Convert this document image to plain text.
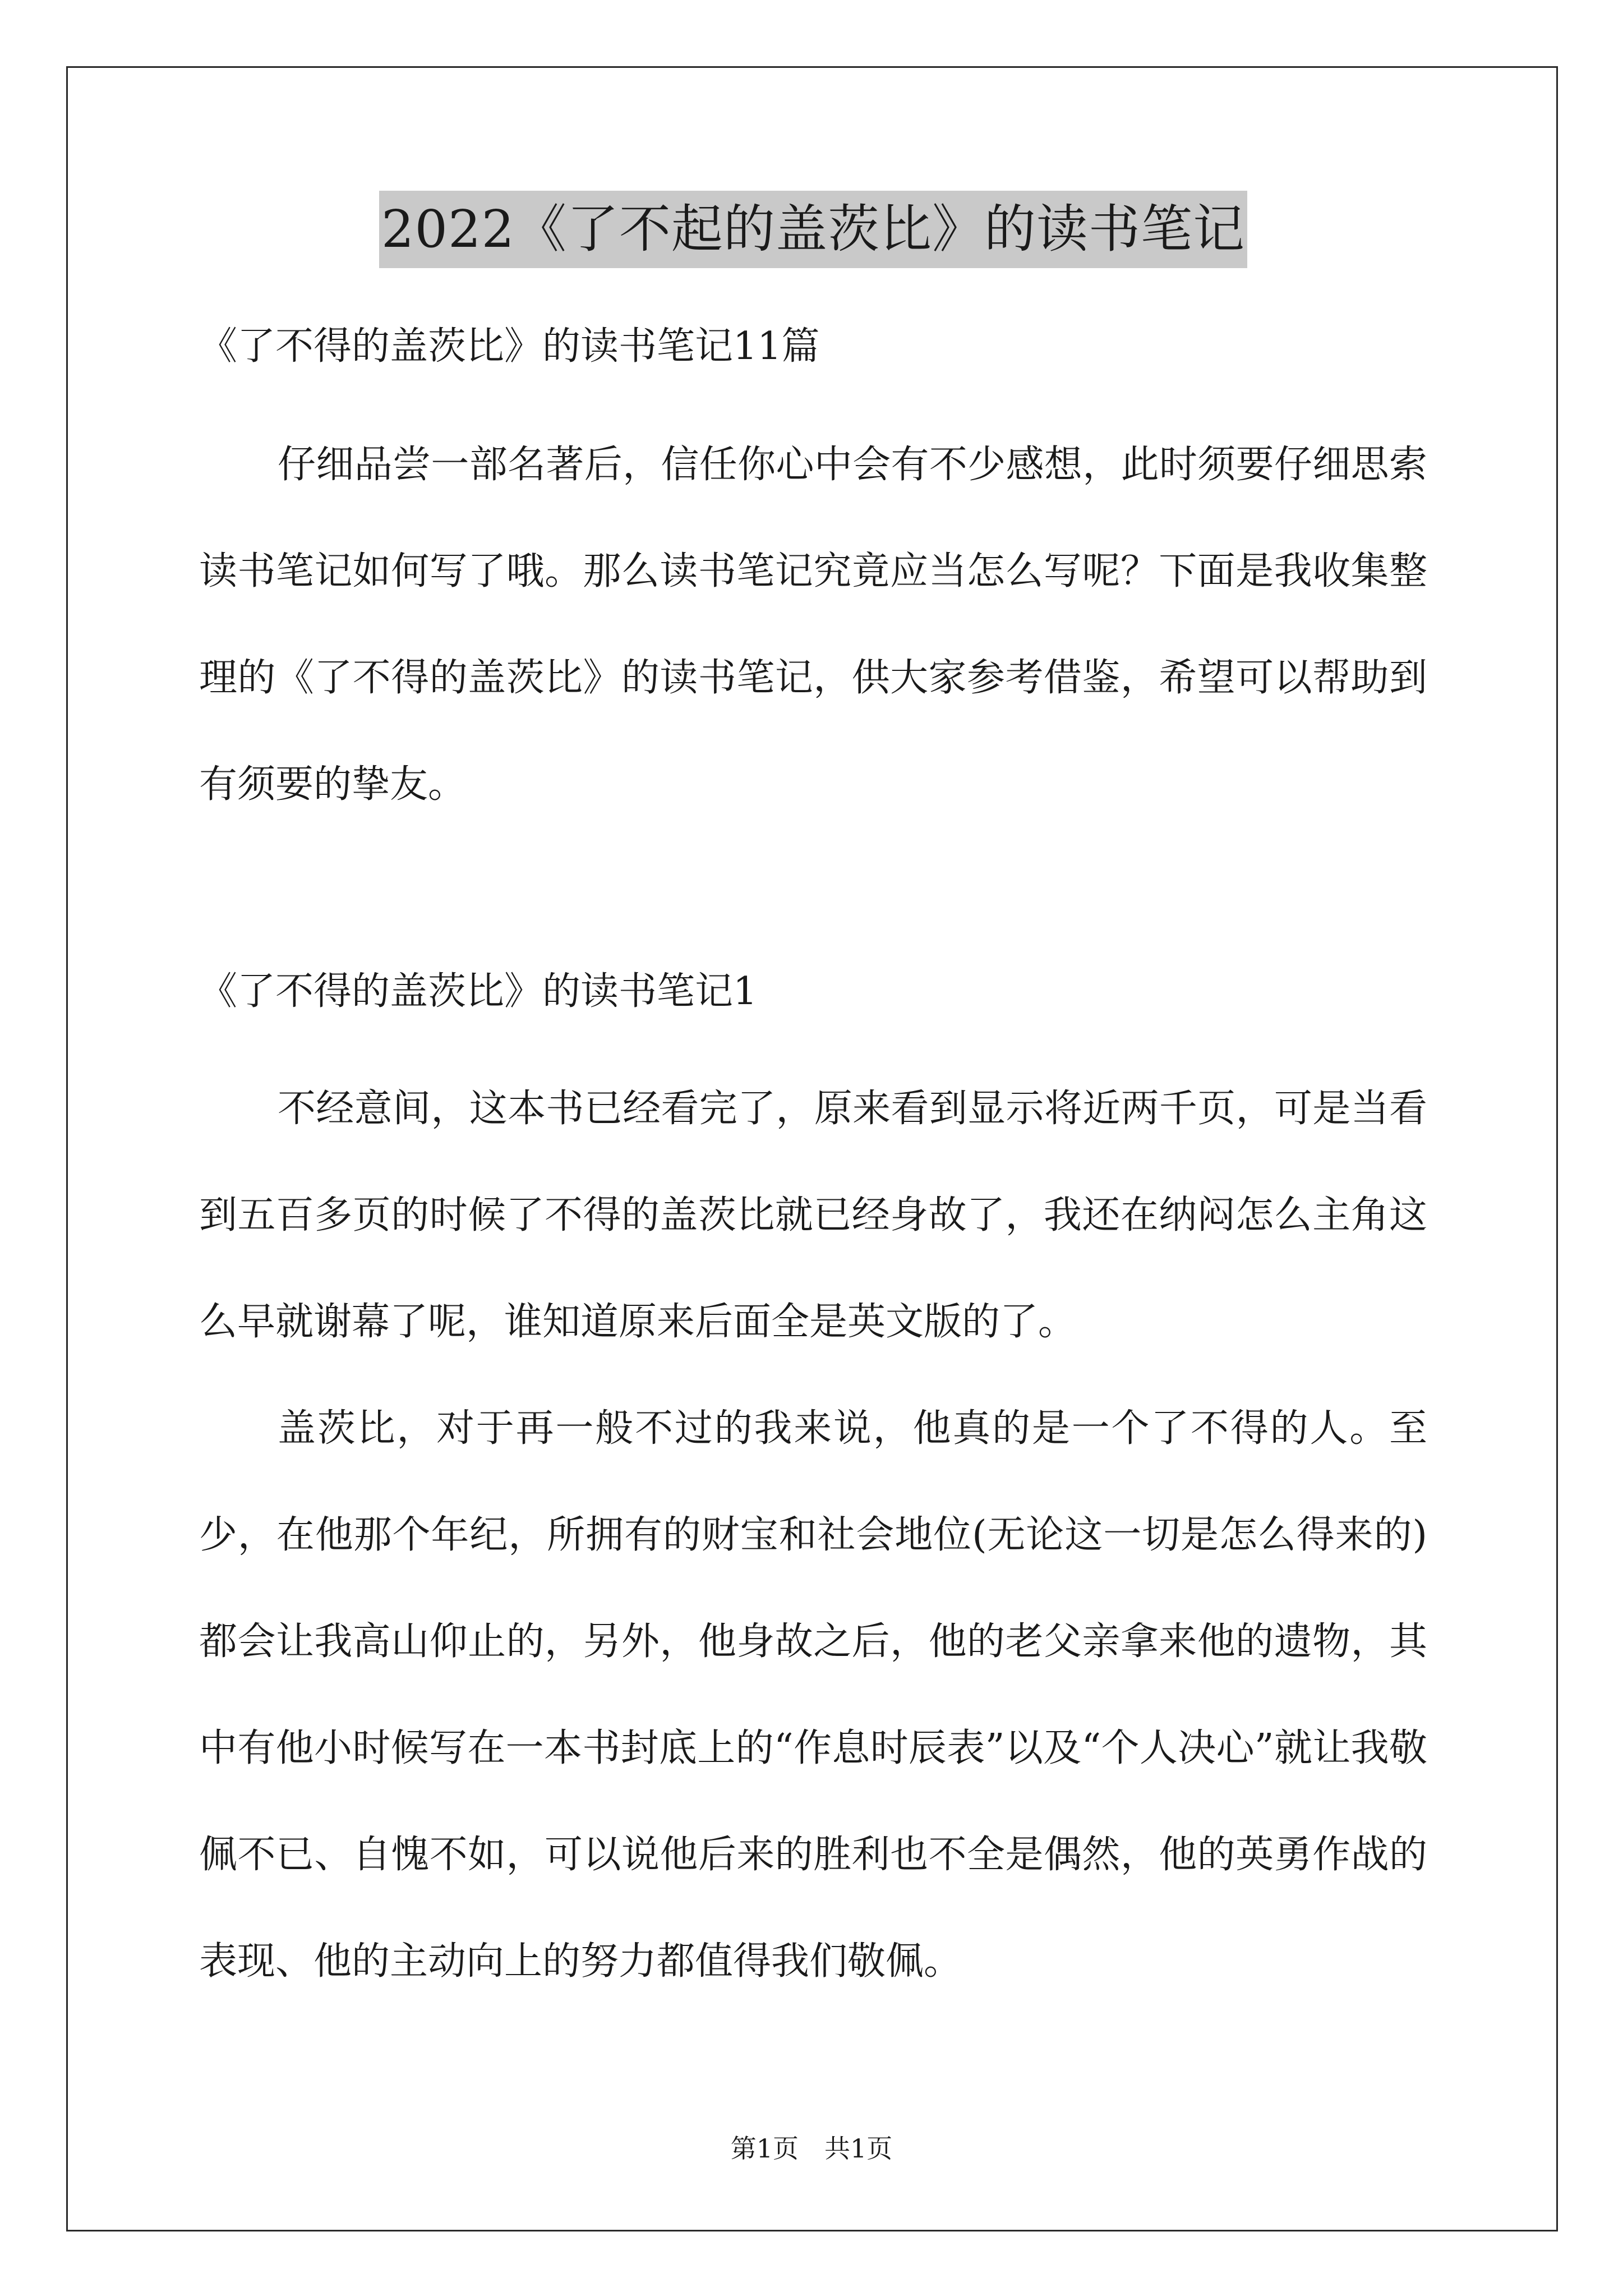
2022《了不起的盖茨比》的读书笔记

《了不得的盖茨比》的读书笔记11篇

仔细品尝一部名著后，信任你心中会有不少感想，此时须要仔细思索读书笔记如何写了哦。那么读书笔记究竟应当怎么写呢？下面是我收集整理的《了不得的盖茨比》的读书笔记，供大家参考借鉴，希望可以帮助到有须要的挚友。

《了不得的盖茨比》的读书笔记1

不经意间，这本书已经看完了，原来看到显示将近两千页，可是当看到五百多页的时候了不得的盖茨比就已经身故了，我还在纳闷怎么主角这么早就谢幕了呢，谁知道原来后面全是英文版的了。

盖茨比，对于再一般不过的我来说，他真的是一个了不得的人。至少，在他那个年纪，所拥有的财宝和社会地位(无论这一切是怎么得来的)都会让我高山仰止的，另外，他身故之后，他的老父亲拿来他的遗物，其中有他小时候写在一本书封底上的“作息时辰表”以及“个人决心”就让我敬佩不已、自愧不如，可以说他后来的胜利也不全是偶然，他的英勇作战的表现、他的主动向上的努力都值得我们敬佩。

第1页　共1页
